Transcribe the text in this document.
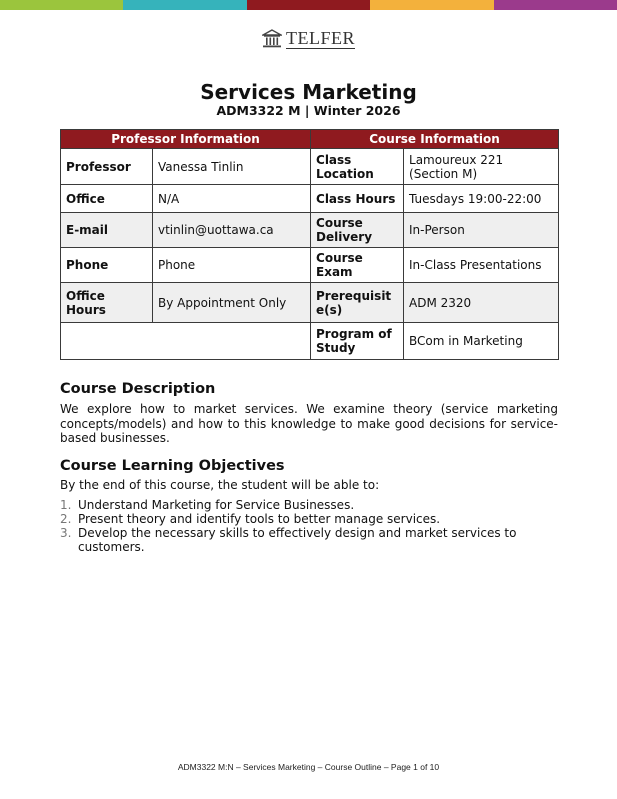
TELFER
Services Marketing
ADM3322 M | Winter 2026
Professor Information		Course Information	
Professor	Vanessa Tinlin	Class Location	Lamoureux 221 (Section M)
Office	N/A	Class Hours	Tuesdays 19:00-22:00
E-mail	vtinlin@uottawa.ca	Course Delivery	In-Person
Phone	Phone	Course Exam	In-Class Presentations
Office Hours	By Appointment Only	Prerequisit e(s)	ADM 2320
		Program of Study	BCom in Marketing
Course Description

We explore how to market services. We examine theory (service marketing concepts/models) and how to this knowledge to make good decisions for service-based businesses.

Course Learning Objectives
By the end of this course, the student will be able to:
1. Understand Marketing for Service Businesses.
2. Present theory and identify tools to better manage services.
3. Develop the necessary skills to effectively design and market services to customers.
ADM3322 M:N – Services Marketing – Course Outline – Page 1 of 10
